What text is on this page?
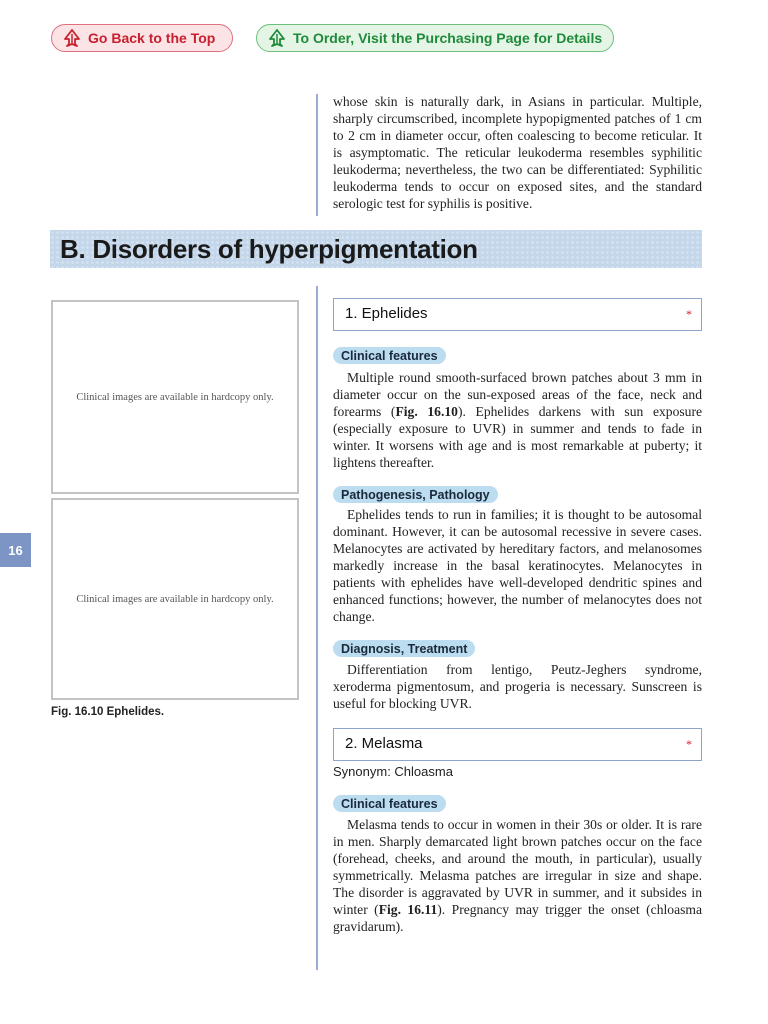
Go Back to the Top	To Order, Visit the Purchasing Page for Details

whose skin is naturally dark, in Asians in particular. Multiple, sharply circumscribed, incomplete hypopigmented patches of 1 cm to 2 cm in diameter occur, often coalescing to become reticular. It is asymptomatic. The reticular leukoderma resembles syphilitic leukoderma; nevertheless, the two can be differentiated: Syphilitic leukoderma tends to occur on exposed sites, and the standard serologic test for syphilis is positive.

B. Disorders of hyperpigmentation
Clinical images are available in hardcopy only.
Clinical images are available in hardcopy only.
Fig. 16.10 Ephelides.
16
1. Ephelides	*
Clinical features

Multiple round smooth-surfaced brown patches about 3 mm in diameter occur on the sun-exposed areas of the face, neck and forearms (Fig. 16.10). Ephelides darkens with sun exposure (especially exposure to UVR) in summer and tends to fade in winter. It worsens with age and is most remarkable at puberty; it lightens thereafter.

Pathogenesis, Pathology

Ephelides tends to run in families; it is thought to be autosomal dominant. However, it can be autosomal recessive in severe cases. Melanocytes are activated by hereditary factors, and melanosomes markedly increase in the basal keratinocytes. Melanocytes in patients with ephelides have well-developed dendritic spines and enhanced functions; however, the number of melanocytes does not change.

Diagnosis, Treatment

Differentiation from lentigo, Peutz-Jeghers syndrome, xeroderma pigmentosum, and progeria is necessary. Sunscreen is useful for blocking UVR.

2. Melasma	*
Synonym: Chloasma
Clinical features

Melasma tends to occur in women in their 30s or older. It is rare in men. Sharply demarcated light brown patches occur on the face (forehead, cheeks, and around the mouth, in particular), usually symmetrically. Melasma patches are irregular in size and shape. The disorder is aggravated by UVR in summer, and it subsides in winter (Fig. 16.11). Pregnancy may trigger the onset (chloasma gravidarum).
